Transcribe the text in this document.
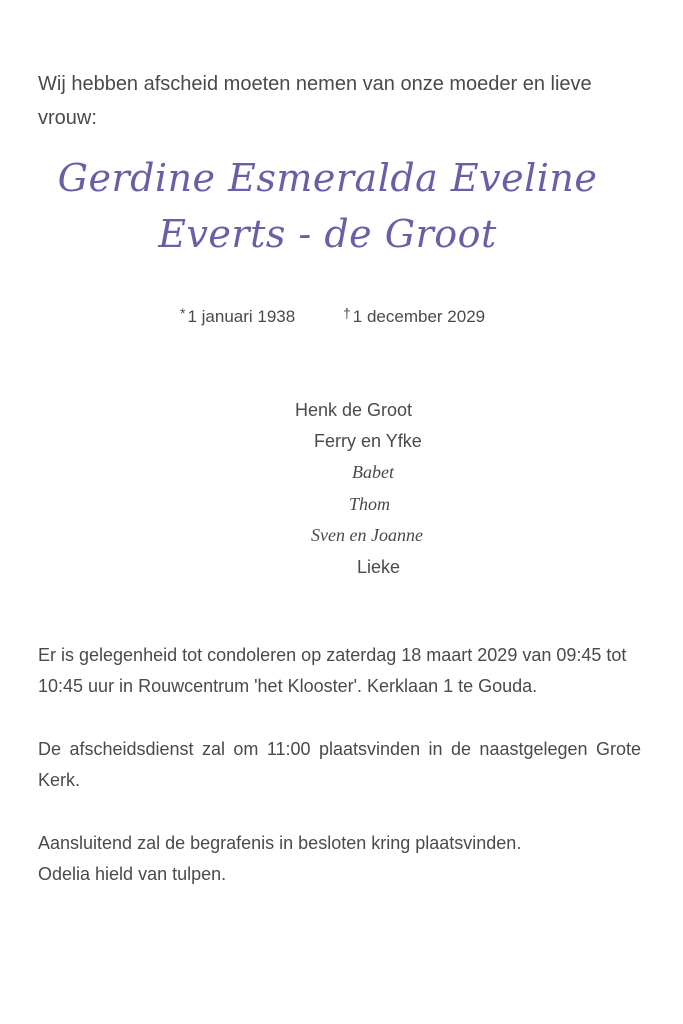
Wij hebben afscheid moeten nemen van onze moeder en lieve vrouw:
Gerdine Esmeralda Eveline
Everts - de Groot
* 1 januari 1938	† 1 december 2029
Henk de Groot
Ferry en Yfke
Babet
Thom
Sven en Joanne
Lieke
Er is gelegenheid tot condoleren op zaterdag 18 maart 2029 van 09:45 tot 10:45 uur in Rouwcentrum 'het Klooster'. Kerklaan 1 te Gouda.
De afscheidsdienst zal om 11:00 plaatsvinden in de naastgelegen Grote Kerk.
Aansluitend zal de begrafenis in besloten kring plaatsvinden.
Odelia hield van tulpen.
